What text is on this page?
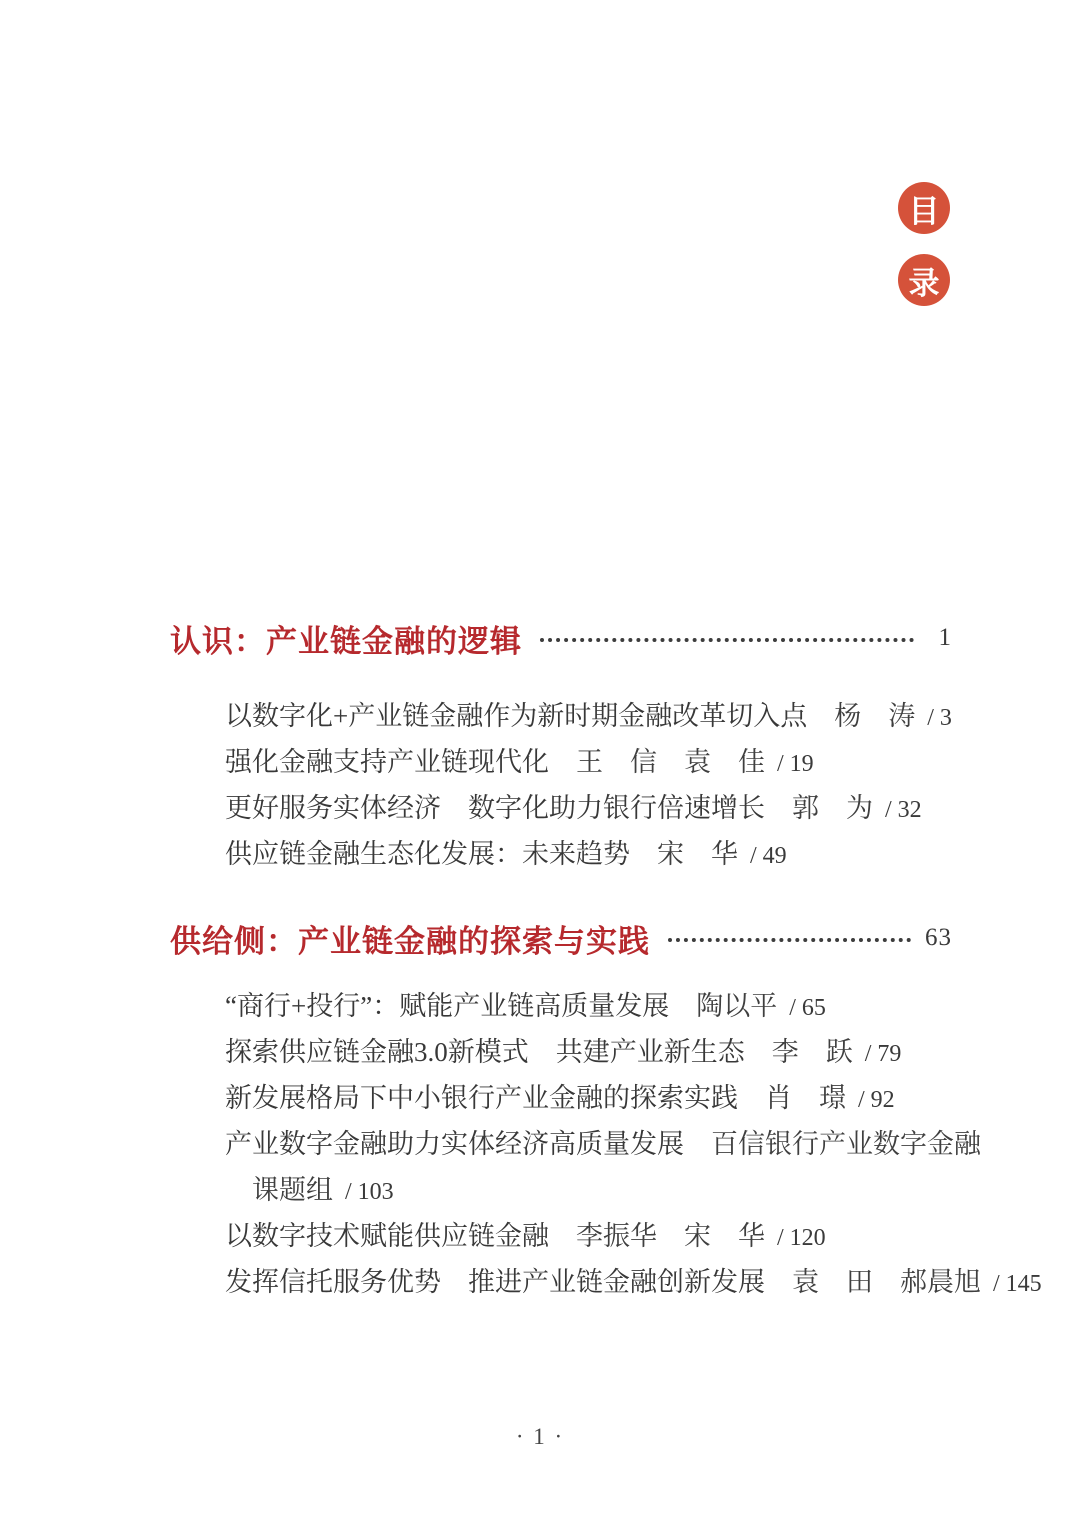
目
录
认识：产业链金融的逻辑	1
以数字化+产业链金融作为新时期金融改革切入点 杨　涛 / 3
强化金融支持产业链现代化 王　信　袁　佳 / 19
更好服务实体经济　数字化助力银行倍速增长 郭　为 / 32
供应链金融生态化发展：未来趋势 宋　华 / 49
供给侧：产业链金融的探索与实践	63
“商行+投行”：赋能产业链高质量发展 陶以平 / 65
探索供应链金融3.0新模式　共建产业新生态 李　跃 / 79
新发展格局下中小银行产业金融的探索实践 肖　璟 / 92
产业数字金融助力实体经济高质量发展 百信银行产业数字金融
课题组 / 103
以数字技术赋能供应链金融 李振华　宋　华 / 120
发挥信托服务优势　推进产业链金融创新发展 袁　田　郝晨旭 / 145
· 1 ·
